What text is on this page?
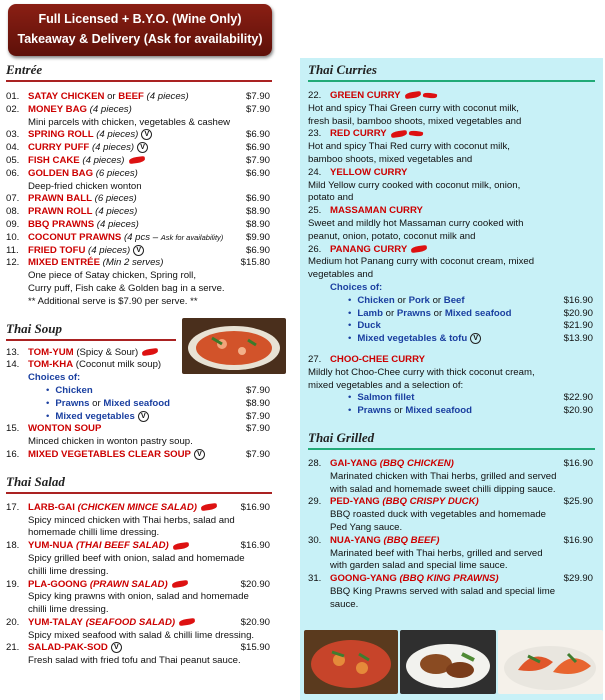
Full Licensed + B.Y.O. (Wine Only)
Takeaway & Delivery (Ask for availability)
Entrée
01. SATAY CHICKEN or BEEF (4 pieces)	$7.90
02. MONEY BAG (4 pieces)	$7.90
Mini parcels with chicken, vegetables & cashew
03. SPRING ROLL (4 pieces) V	$6.90
04. CURRY PUFF (4 pieces) V	$6.90
05. FISH CAKE (4 pieces)	$7.90
06. GOLDEN BAG (6 pieces)	$6.90
Deep-fried chicken wonton
07. PRAWN BALL (6 pieces)	$6.90
08. PRAWN ROLL (4 pieces)	$8.90
09. BBQ PRAWNS (4 pieces)	$8.90
10. COCONUT PRAWNS (4 pcs – Ask for availability) $9.90
11. FRIED TOFU (4 pieces) V	$6.90
12. MIXED ENTRÉE (Min 2 serves)	$15.80
One piece of Satay chicken, Spring roll,
Curry puff, Fish cake & Golden bag in a serve.
** Additional serve is $7.90 per serve. **
Thai Soup
13. TOM-YUM (Spicy & Sour)
14. TOM-KHA (Coconut milk soup)
Choices of:
• Chicken	$7.90
• Prawns or Mixed seafood	$8.90
• Mixed vegetables V	$7.90
15. WONTON SOUP	$7.90
Minced chicken in wonton pastry soup.
16. MIXED VEGETABLES CLEAR SOUP V	$7.90
Thai Salad
17. LARB-GAI (CHICKEN MINCE SALAD)	$16.90
Spicy minced chicken with Thai herbs, salad and
homemade chilli lime dressing.
18. YUM-NUA (THAI BEEF SALAD)	$16.90
Spicy grilled beef with onion, salad and homemade
chilli lime dressing.
19. PLA-GOONG (PRAWN SALAD)	$20.90
Spicy king prawns with onion, salad and homemade
chilli lime dressing.
20. YUM-TALAY (SEAFOOD SALAD)	$20.90
Spicy mixed seafood with salad & chilli lime dressing.
21. SALAD-PAK-SOD V	$15.90
Fresh salad with fried tofu and Thai peanut sauce.
Thai Curries
22. GREEN CURRY
Hot and spicy Thai Green curry with coconut milk,
fresh basil, bamboo shoots, mixed vegetables and
23. RED CURRY
Hot and spicy Thai Red curry with coconut milk,
bamboo shoots, mixed vegetables and
24. YELLOW CURRY
Mild Yellow curry cooked with coconut milk, onion,
potato and
25. MASSAMAN CURRY
Sweet and mildly hot Massaman curry cooked with
peanut, onion, potato, coconut milk and
26. PANANG CURRY
Medium hot Panang curry with coconut cream, mixed
vegetables and
Choices of:
• Chicken or Pork or Beef	$16.90
• Lamb or Prawns or Mixed seafood	$20.90
• Duck	$21.90
• Mixed vegetables & tofu V	$13.90
27. CHOO-CHEE CURRY
Mildly hot Choo-Chee curry with thick coconut cream,
mixed vegetables and a selection of:
• Salmon fillet	$22.90
• Prawns or Mixed seafood	$20.90
Thai Grilled
28. GAI-YANG (BBQ CHICKEN)	$16.90
Marinated chicken with Thai herbs, grilled and served
with salad and homemade sweet chilli dipping sauce.
29. PED-YANG (BBQ CRISPY DUCK)	$25.90
BBQ roasted duck with vegetables and homemade
Ped Yang sauce.
30. NUA-YANG (BBQ BEEF)	$16.90
Marinated beef with Thai herbs, grilled and served
with garden salad and special lime sauce.
31. GOONG-YANG (BBQ KING PRAWNS)	$29.90
BBQ King Prawns served with salad and special lime
sauce.
